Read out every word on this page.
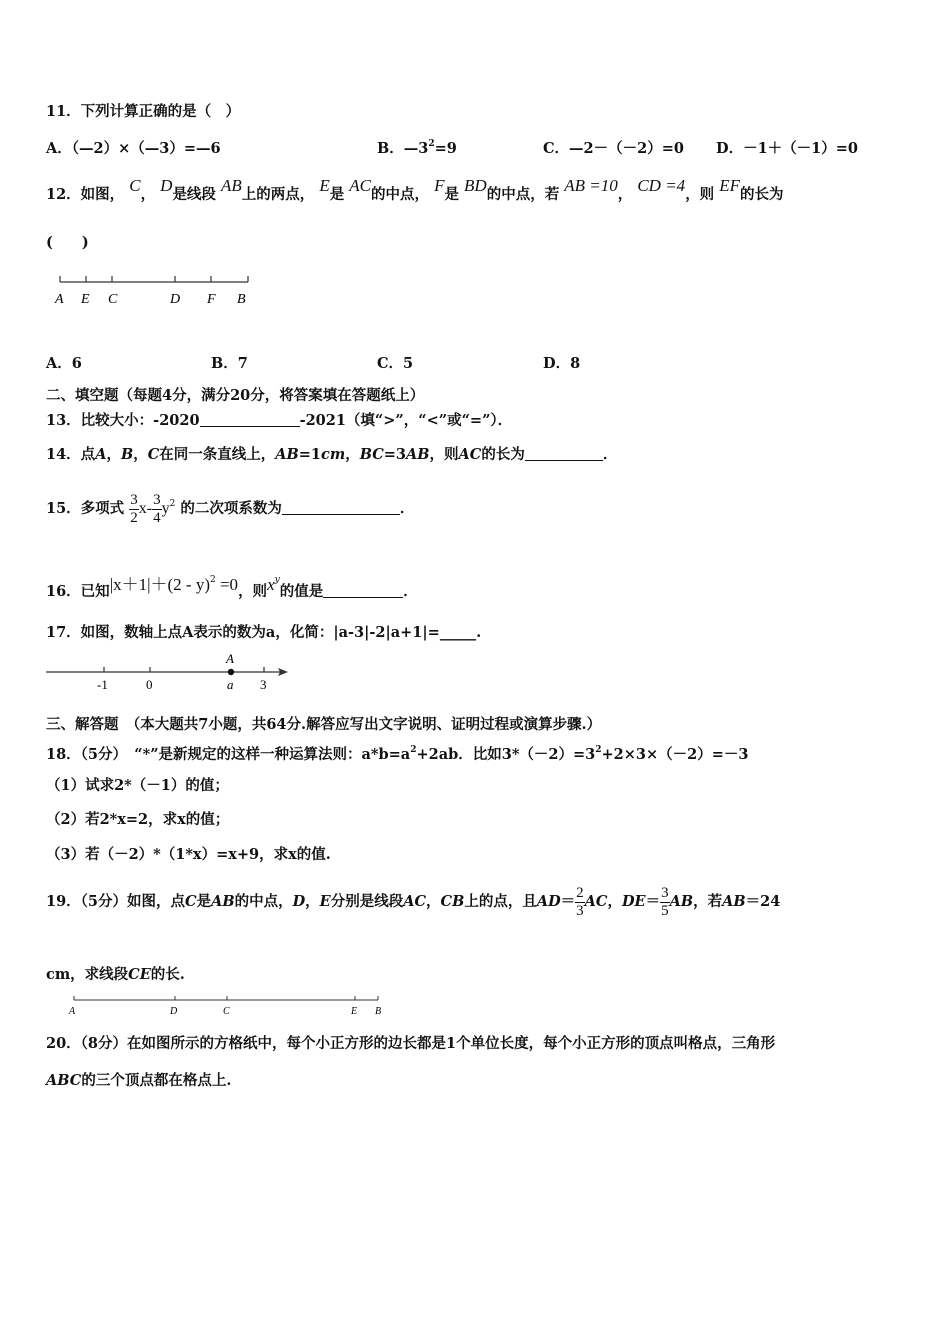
11．下列计算正确的是（　）
A．（—2）×（—3）=—6	B．$—3^2=9$	C．—2－（－2）=0 D．－1＋（－1）=0
12．如图， C， D是线段 AB上的两点， E是 AC的中点， F是 BD的中点，若 AB =10， CD =4，则 EF的长为
(　　)
A E C	D F B
A．6	B．7	C．5	D．8
二、填空题（每题4分，满分20分，将答案填在答题纸上）
13．比较大小：-2020	-2021（填“>”，“<”或“=”）．
14．点A，B，C在同一条直线上，AB=1cm，BC=3AB，则AC的长为	．
15．多项式 $\frac{3}{2} x- \frac{3}{4} y^2$ 的二次项系数为	．
16．已知|x＋1|＋(2 - y)$^2$ =0，则$x^y$的值是	．
17．如图，数轴上点A表示的数为a，化简：|a-3|-2|a+1|=_____.
A
-1	0	a 3
三、解答题　（本大题共7小题，共64分.解答应写出文字说明、证明过程或演算步骤.）
18．（5分）　“*”是新规定的这样一种运算法则：$a*b=a^2+2ab$．比如$3*(-2)=3^2+2\times 3\times(-2)=-3$
（1）试求2*（－1）的值；
（2）若2*x=2，求x的值；
（3）若（－2）*（1*x）=x+9，求x的值.
19．（5分）如图，点C是AB的中点，D，E分别是线段AC，CB上的点，且$AD= \frac{2}{3}$ AC，$DE= \frac{3}{5}$ AB，若AB＝24
cm，求线段CE的长.
A	D	C	E B
20．（8分）在如图所示的方格纸中，每个小正方形的边长都是1个单位长度，每个小正方形的顶点叫格点，三角形
ABC的三个顶点都在格点上.
